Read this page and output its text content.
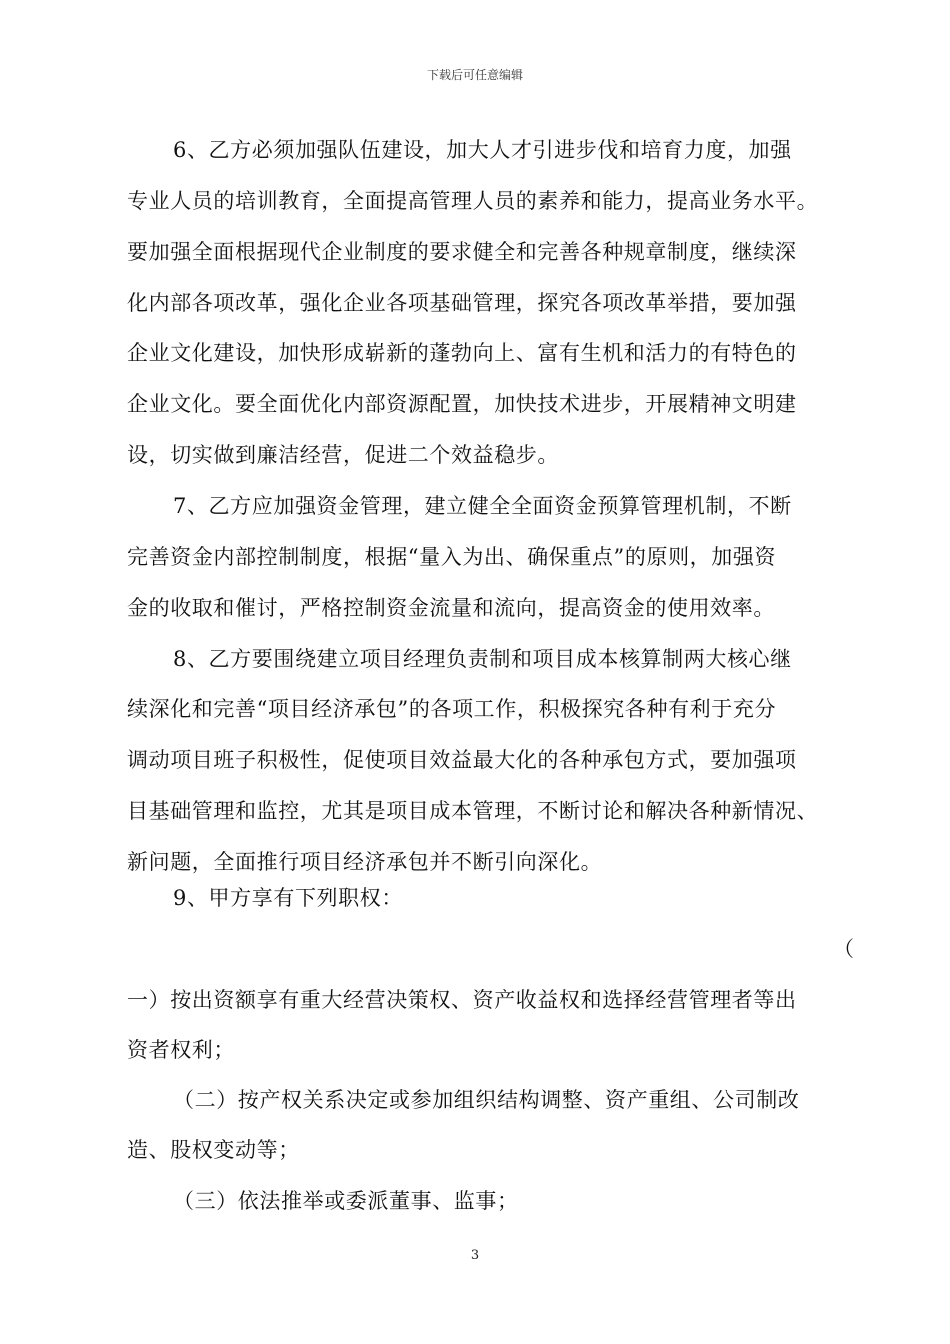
下载后可任意编辑
6、乙方必须加强队伍建设，加大人才引进步伐和培育力度，加强
专业人员的培训教育，全面提高管理人员的素养和能力，提高业务水平。
要加强全面根据现代企业制度的要求健全和完善各种规章制度，继续深
化内部各项改革，强化企业各项基础管理，探究各项改革举措，要加强
企业文化建设，加快形成崭新的蓬勃向上、富有生机和活力的有特色的
企业文化。要全面优化内部资源配置，加快技术进步，开展精神文明建
设，切实做到廉洁经营，促进二个效益稳步。
7、乙方应加强资金管理，建立健全全面资金预算管理机制，不断
完善资金内部控制制度，根据“量入为出、确保重点”的原则，加强资
金的收取和催讨，严格控制资金流量和流向，提高资金的使用效率。
8、乙方要围绕建立项目经理负责制和项目成本核算制两大核心继
续深化和完善“项目经济承包”的各项工作，积极探究各种有利于充分
调动项目班子积极性，促使项目效益最大化的各种承包方式，要加强项
目基础管理和监控，尤其是项目成本管理，不断讨论和解决各种新情况、
新问题，全面推行项目经济承包并不断引向深化。
9、甲方享有下列职权：
（
一）按出资额享有重大经营决策权、资产收益权和选择经营管理者等出
资者权利；
（二）按产权关系决定或参加组织结构调整、资产重组、公司制改
造、股权变动等；
（三）依法推举或委派董事、监事；
3
